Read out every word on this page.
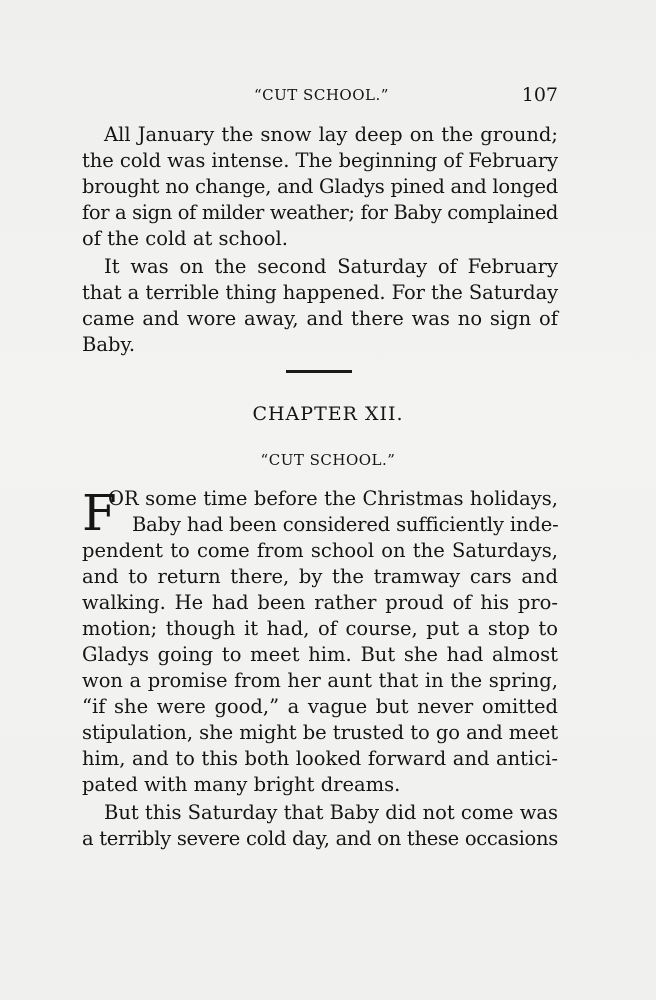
“CUT SCHOOL.”	107
All January the snow lay deep on the ground;
the cold was intense. The beginning of February
brought no change, and Gladys pined and longed
for a sign of milder weather; for Baby complained
of the cold at school.
It was on the second Saturday of February
that a terrible thing happened. For the Saturday
came and wore away, and there was no sign of
Baby.
CHAPTER XII.
“CUT SCHOOL.”
F
OR some time before the Christmas holidays,
Baby had been considered sufficiently inde-
pendent to come from school on the Saturdays,
and to return there, by the tramway cars and
walking. He had been rather proud of his pro-
motion; though it had, of course, put a stop to
Gladys going to meet him. But she had almost
won a promise from her aunt that in the spring,
“if she were good,” a vague but never omitted
stipulation, she might be trusted to go and meet
him, and to this both looked forward and antici-
pated with many bright dreams.
But this Saturday that Baby did not come was
a terribly severe cold day, and on these occasions
